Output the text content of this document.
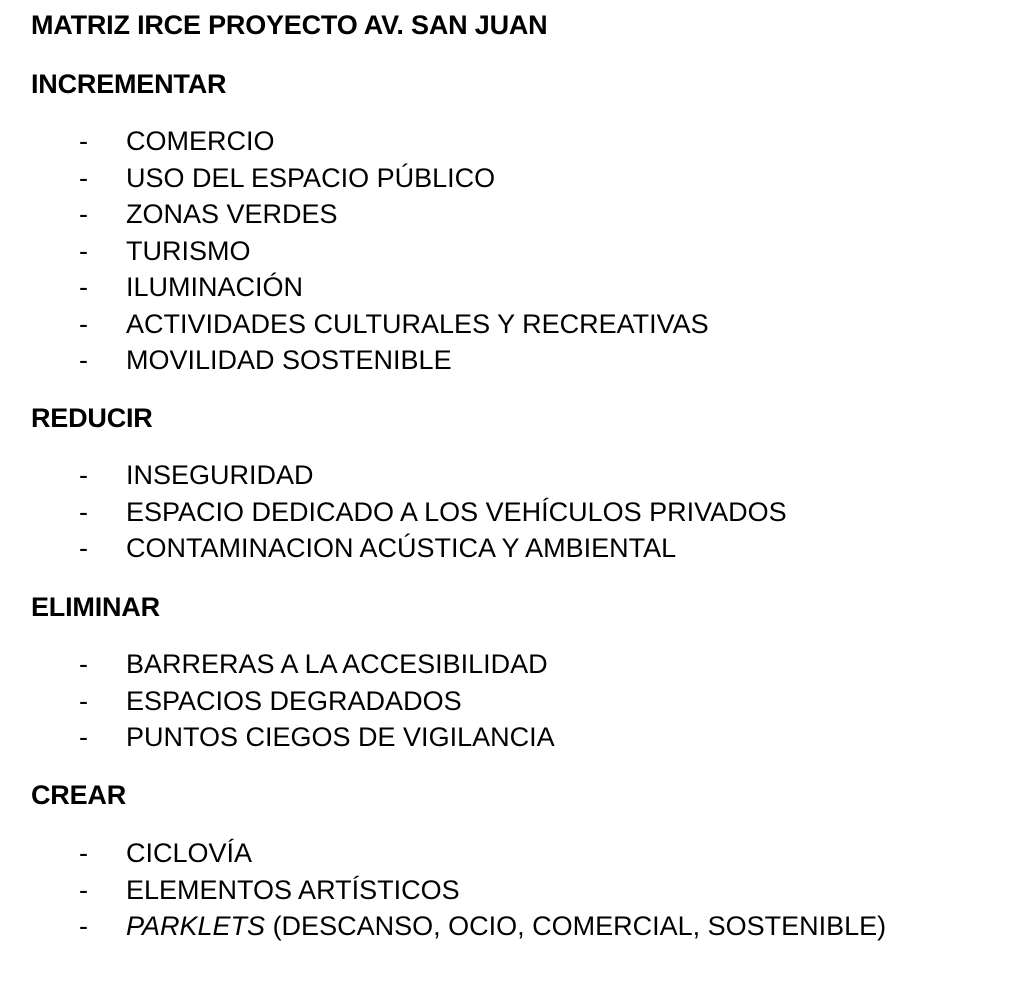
MATRIZ IRCE PROYECTO AV. SAN JUAN
INCREMENTAR
- COMERCIO
- USO DEL ESPACIO PÚBLICO
- ZONAS VERDES
- TURISMO
- ILUMINACIÓN
- ACTIVIDADES CULTURALES Y RECREATIVAS
- MOVILIDAD SOSTENIBLE
REDUCIR
- INSEGURIDAD
- ESPACIO DEDICADO A LOS VEHÍCULOS PRIVADOS
- CONTAMINACION ACÚSTICA Y AMBIENTAL
ELIMINAR
- BARRERAS A LA ACCESIBILIDAD
- ESPACIOS DEGRADADOS
- PUNTOS CIEGOS DE VIGILANCIA
CREAR
- CICLOVÍA
- ELEMENTOS ARTÍSTICOS
- PARKLETS (DESCANSO, OCIO, COMERCIAL, SOSTENIBLE)
